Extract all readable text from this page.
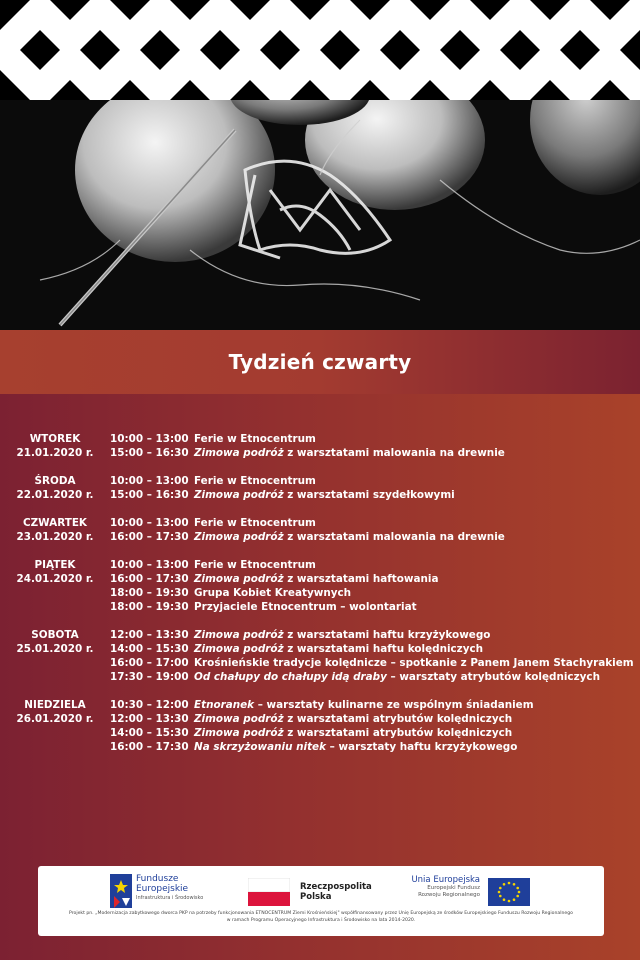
Tydzień czwarty
WTOREK	10:00 – 13:00 Ferie w Etnocentrum
21.01.2020 r.	15:00 – 16:30 Zimowa podróż z warsztatami malowania na drewnie
ŚRODA	10:00 – 13:00 Ferie w Etnocentrum
22.01.2020 r.	15:00 – 16:30 Zimowa podróż z warsztatami szydełkowymi
CZWARTEK	10:00 – 13:00 Ferie w Etnocentrum
23.01.2020 r.	16:00 – 17:30 Zimowa podróż z warsztatami malowania na drewnie
PIĄTEK	10:00 – 13:00 Ferie w Etnocentrum
24.01.2020 r.	16:00 – 17:30 Zimowa podróż z warsztatami haftowania
18:00 – 19:30 Grupa Kobiet Kreatywnych
18:00 – 19:30 Przyjaciele Etnocentrum – wolontariat
SOBOTA	12:00 – 13:30 Zimowa podróż z warsztatami haftu krzyżykowego
25.01.2020 r.	14:00 – 15:30 Zimowa podróż z warsztatami haftu kolędniczych
16:00 – 17:00 Krośnieńskie tradycje kolędnicze – spotkanie z Panem Janem Stachyrakiem
17:30 – 19:00 Od chałupy do chałupy idą draby – warsztaty atrybutów kolędniczych
NIEDZIELA	10:30 – 12:00 Etnoranek – warsztaty kulinarne ze wspólnym śniadaniem
26.01.2020 r.	12:00 – 13:30 Zimowa podróż z warsztatami atrybutów kolędniczych
14:00 – 15:30 Zimowa podróż z warsztatami atrybutów kolędniczych
16:00 – 17:30 Na skrzyżowaniu nitek – warsztaty haftu krzyżykowego
Fundusze
Europejskie
Infrastruktura i Środowisko
Rzeczpospolita
Polska
Unia Europejska
Europejski Fundusz
Rozwoju Regionalnego
Projekt pn. „Modernizacja zabytkowego dworca PKP na potrzeby funkcjonowania ETNOCENTRUM Ziemi Krośnieńskiej" współfinansowany przez Unię Europejską ze środków Europejskiego Funduszu Rozwoju Regionalnego w ramach Programu Operacyjnego Infrastruktura i Środowisko na lata 2014-2020.
